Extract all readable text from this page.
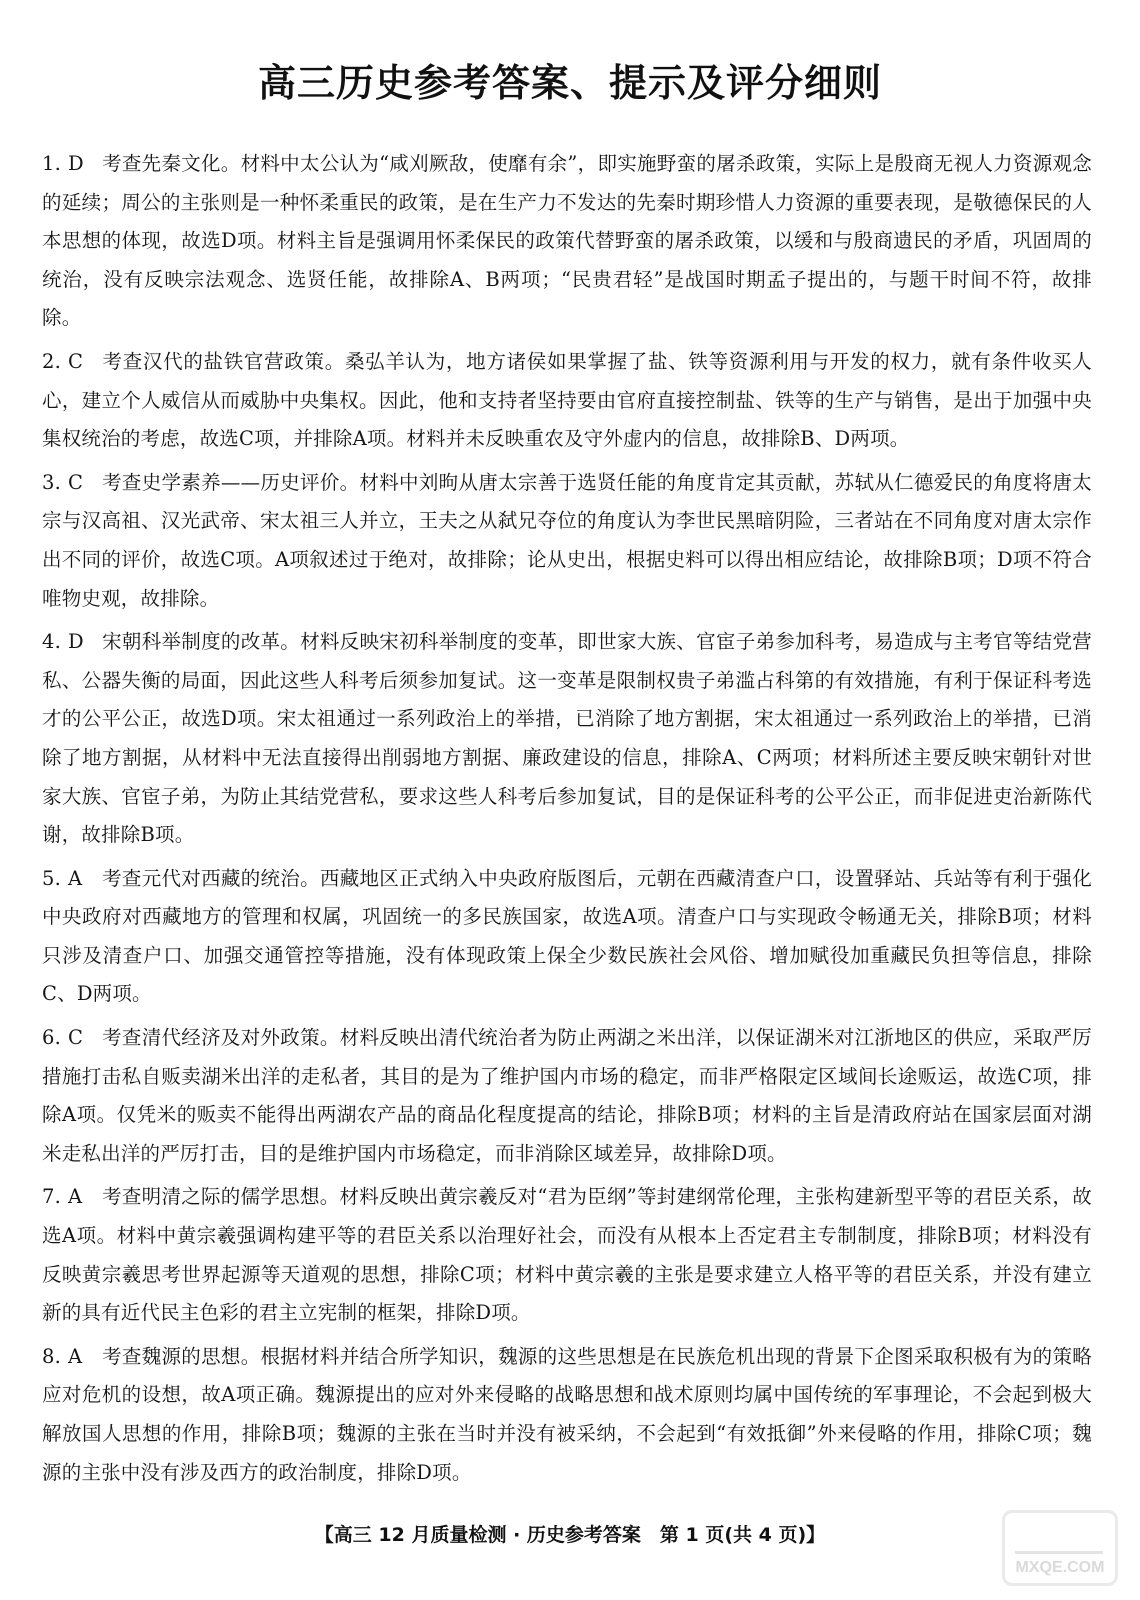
高三历史参考答案、提示及评分细则

1. D 考查先秦文化。材料中太公认为“咸刈厥敌，使靡有余”，即实施野蛮的屠杀政策，实际上是殷商无视人力资源观念的延续；周公的主张则是一种怀柔重民的政策，是在生产力不发达的先秦时期珍惜人力资源的重要表现，是敬德保民的人本思想的体现，故选D项。材料主旨是强调用怀柔保民的政策代替野蛮的屠杀政策，以缓和与殷商遗民的矛盾，巩固周的统治，没有反映宗法观念、选贤任能，故排除A、B两项；“民贵君轻”是战国时期孟子提出的，与题干时间不符，故排除。

2. C 考查汉代的盐铁官营政策。桑弘羊认为，地方诸侯如果掌握了盐、铁等资源利用与开发的权力，就有条件收买人心，建立个人威信从而威胁中央集权。因此，他和支持者坚持要由官府直接控制盐、铁等的生产与销售，是出于加强中央集权统治的考虑，故选C项，并排除A项。材料并未反映重农及守外虚内的信息，故排除B、D两项。

3. C 考查史学素养——历史评价。材料中刘昫从唐太宗善于选贤任能的角度肯定其贡献，苏轼从仁德爱民的角度将唐太宗与汉高祖、汉光武帝、宋太祖三人并立，王夫之从弑兄夺位的角度认为李世民黑暗阴险，三者站在不同角度对唐太宗作出不同的评价，故选C项。A项叙述过于绝对，故排除；论从史出，根据史料可以得出相应结论，故排除B项；D项不符合唯物史观，故排除。

4. D 宋朝科举制度的改革。材料反映宋初科举制度的变革，即世家大族、官宦子弟参加科考，易造成与主考官等结党营私、公器失衡的局面，因此这些人科考后须参加复试。这一变革是限制权贵子弟滥占科第的有效措施，有利于保证科考选才的公平公正，故选D项。宋太祖通过一系列政治上的举措，已消除了地方割据，宋太祖通过一系列政治上的举措，已消除了地方割据，从材料中无法直接得出削弱地方割据、廉政建设的信息，排除A、C两项；材料所述主要反映宋朝针对世家大族、官宦子弟，为防止其结党营私，要求这些人科考后参加复试，目的是保证科考的公平公正，而非促进吏治新陈代谢，故排除B项。

5. A 考查元代对西藏的统治。西藏地区正式纳入中央政府版图后，元朝在西藏清查户口，设置驿站、兵站等有利于强化中央政府对西藏地方的管理和权属，巩固统一的多民族国家，故选A项。清查户口与实现政令畅通无关，排除B项；材料只涉及清查户口、加强交通管控等措施，没有体现政策上保全少数民族社会风俗、增加赋役加重藏民负担等信息，排除C、D两项。

6. C 考查清代经济及对外政策。材料反映出清代统治者为防止两湖之米出洋，以保证湖米对江浙地区的供应，采取严厉措施打击私自贩卖湖米出洋的走私者，其目的是为了维护国内市场的稳定，而非严格限定区域间长途贩运，故选C项，排除A项。仅凭米的贩卖不能得出两湖农产品的商品化程度提高的结论，排除B项；材料的主旨是清政府站在国家层面对湖米走私出洋的严厉打击，目的是维护国内市场稳定，而非消除区域差异，故排除D项。

7. A 考查明清之际的儒学思想。材料反映出黄宗羲反对“君为臣纲”等封建纲常伦理，主张构建新型平等的君臣关系，故选A项。材料中黄宗羲强调构建平等的君臣关系以治理好社会，而没有从根本上否定君主专制制度，排除B项；材料没有反映黄宗羲思考世界起源等天道观的思想，排除C项；材料中黄宗羲的主张是要求建立人格平等的君臣关系，并没有建立新的具有近代民主色彩的君主立宪制的框架，排除D项。

8. A 考查魏源的思想。根据材料并结合所学知识，魏源的这些思想是在民族危机出现的背景下企图采取积极有为的策略应对危机的设想，故A项正确。魏源提出的应对外来侵略的战略思想和战术原则均属中国传统的军事理论，不会起到极大解放国人思想的作用，排除B项；魏源的主张在当时并没有被采纳，不会起到“有效抵御”外来侵略的作用，排除C项；魏源的主张中没有涉及西方的政治制度，排除D项。

【高三 12 月质量检测 · 历史参考答案　第 1 页(共 4 页)】
MXQE.COM
